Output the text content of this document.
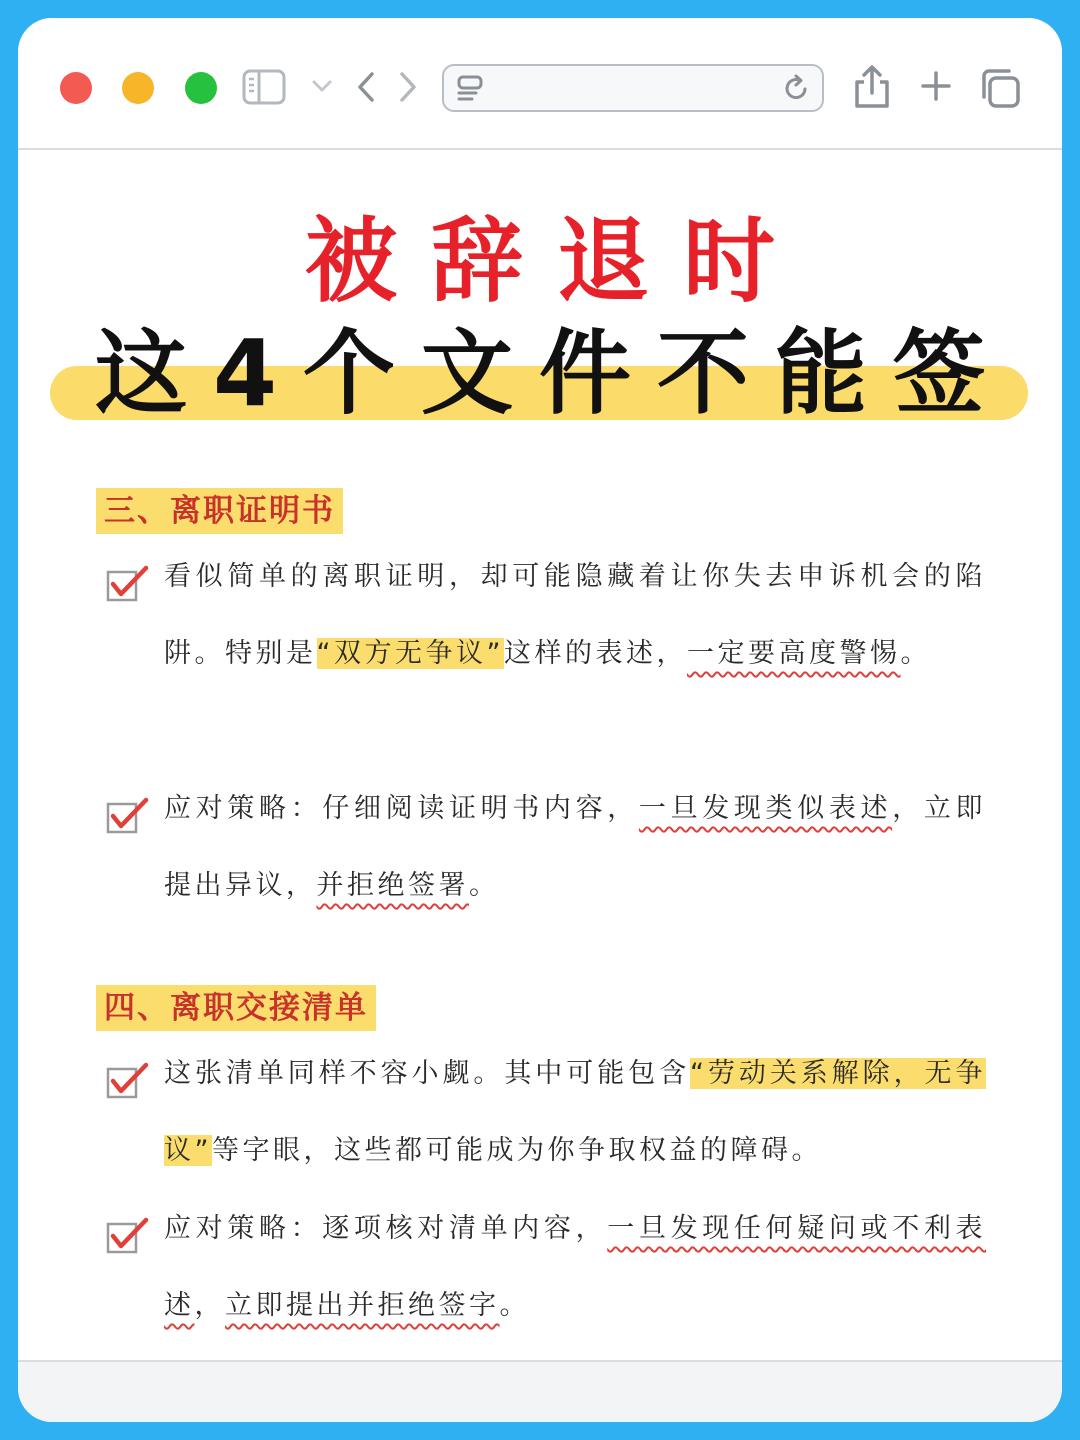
被辞退时
这4个文件不能签
三、离职证明书
看似简单的离职证明，却可能隐藏着让你失去申诉机会的陷阱。特别是“双方无争议”这样的表述，一定要高度警惕。
应对策略：仔细阅读证明书内容，一旦发现类似表述，立即提出异议，并拒绝签署。
四、离职交接清单
这张清单同样不容小觑。其中可能包含“劳动关系解除，无争议”等字眼，这些都可能成为你争取权益的障碍。
应对策略：逐项核对清单内容，一旦发现任何疑问或不利表述，立即提出并拒绝签字。
